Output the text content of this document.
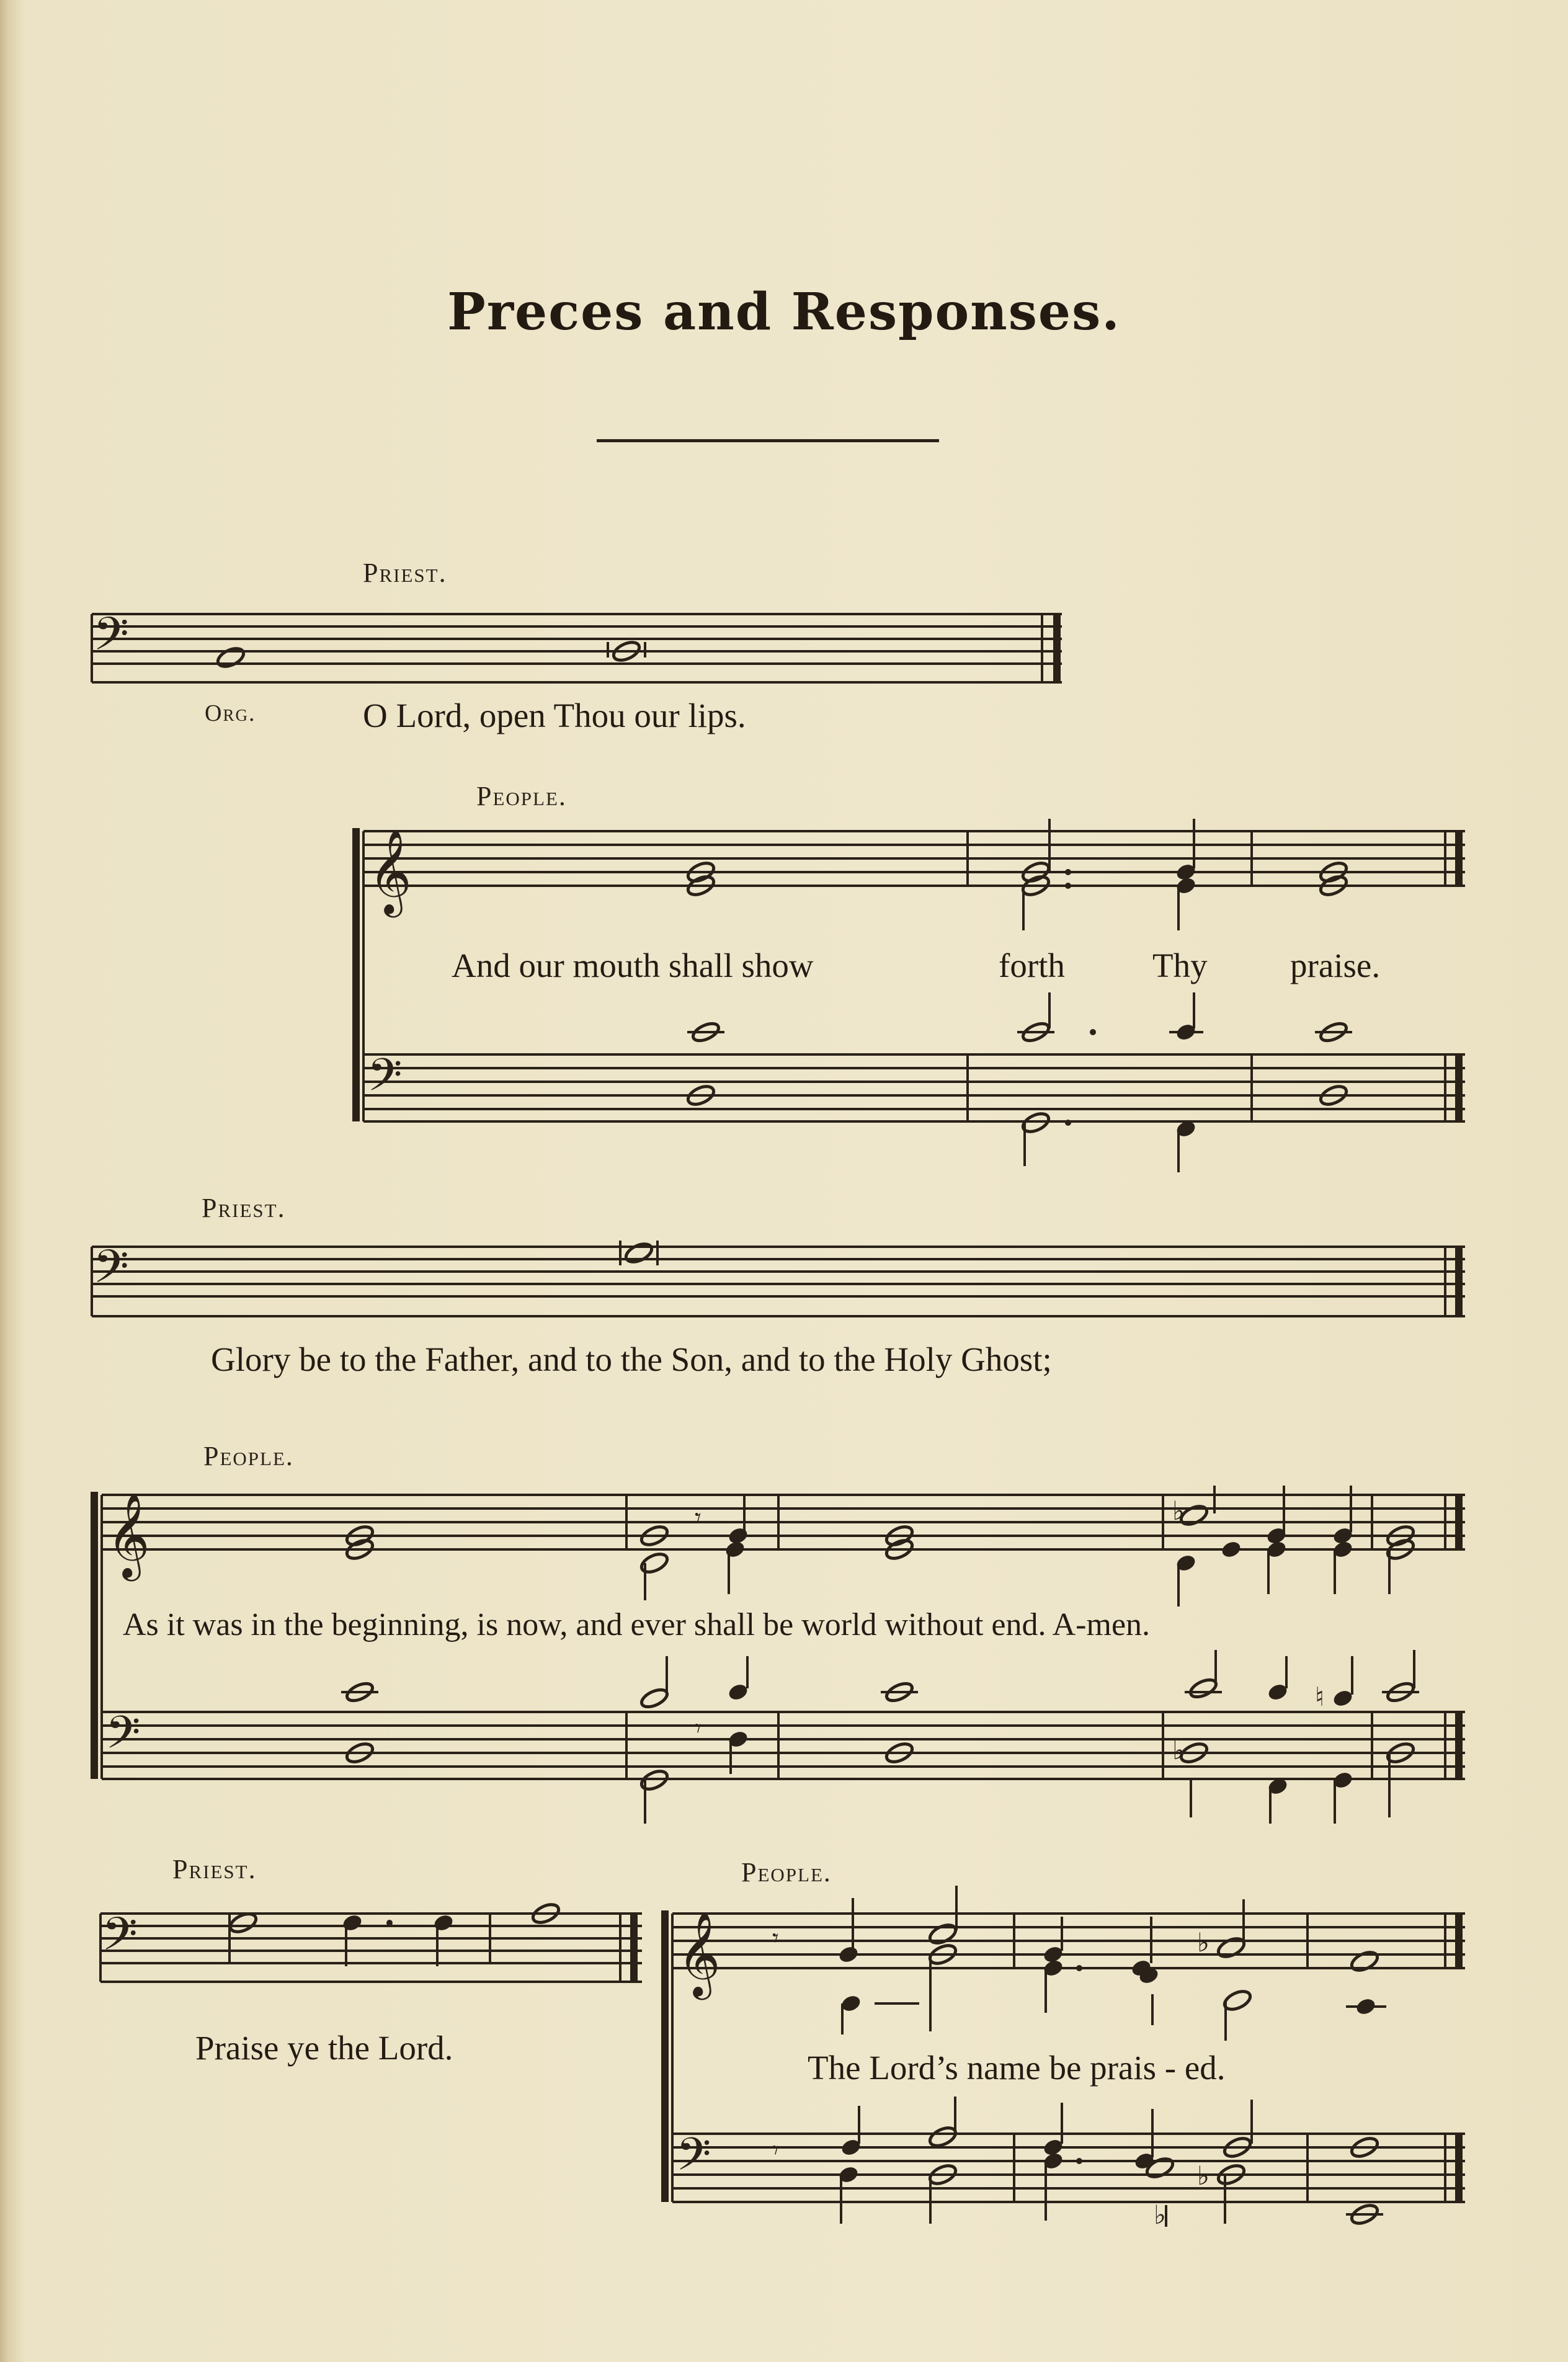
Preces and Responses.
Priest.
Org.	O Lord, open Thou our lips.
People.
And our mouth shall show	forth	Thy praise.
Priest.
Glory be to the Father, and to the Son, and to the Holy Ghost;
People.
As it was in the beginning, is now, and ever shall be world without end. A-men.
Priest.
Praise ye the Lord.
People.
The Lord’s name be prais - ed.
𝄢
𝄞
𝄢
𝄢
𝄞	𝄾	♭
𝄢	𝄾
♭
♮
𝄢	𝄞 𝄾	♭
𝄢 𝄾
♭
♭
